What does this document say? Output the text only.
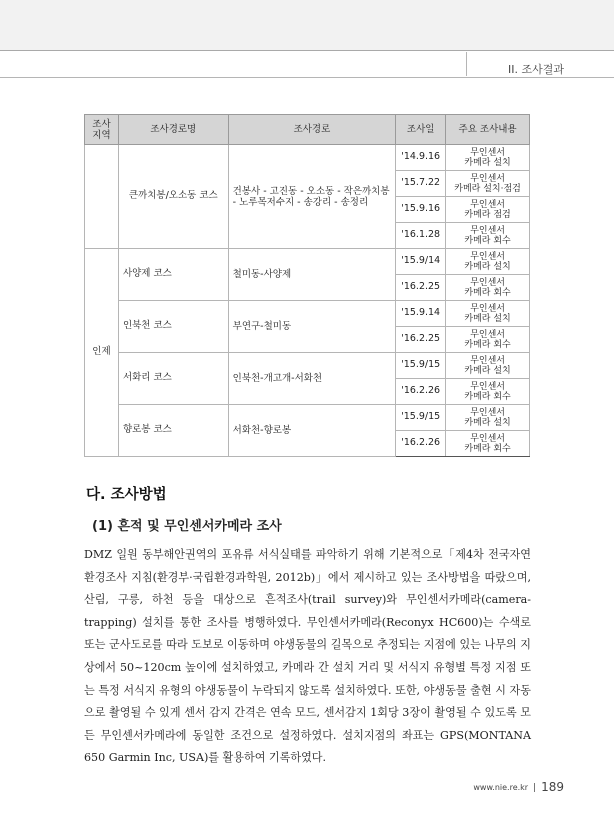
II. 조사결과
조사
지역	조사경로명	조사경로	조사일	주요 조사내용
	큰까치봉/오소동 코스	건봉사 - 고진동 - 오소동 - 작은까치봉 - 노루목저수지 - 송강리 - 송정리	'14.9.16	무인센서
카메라 설치
			'15.7.22	무인센서
카메라 설치·점검
			'15.9.16	무인센서
카메라 점검
			'16.1.28	무인센서
카메라 회수
인제	사양제 코스	철미동-사양제	'15.9/14	무인센서
카메라 설치
			'16.2.25	무인센서
카메라 회수
	인북천 코스	부연구-철미동	'15.9.14	무인센서
카메라 설치
			'16.2.25	무인센서
카메라 회수
	서화리 코스	인북천-개고개-서화천	'15.9/15	무인센서
카메라 설치
			'16.2.26	무인센서
카메라 회수
	향로봉 코스	서화천-향로봉	'15.9/15	무인센서
카메라 설치
			'16.2.26	무인센서
카메라 회수
다. 조사방법
(1) 흔적 및 무인센서카메라 조사

DMZ 일원 동부해안권역의 포유류 서식실태를 파악하기 위해 기본적으로「제4차 전국자연환경조사 지침(환경부·국립환경과학원, 2012b)」에서 제시하고 있는 조사방법을 따랐으며, 산림, 구릉, 하천 등을 대상으로 흔적조사(trail survey)와 무인센서카메라(camera-trapping) 설치를 통한 조사를 병행하였다. 무인센서카메라(Reconyx HC600)는 수색로 또는 군사도로를 따라 도보로 이동하며 야생동물의 길목으로 추정되는 지점에 있는 나무의 지상에서 50~120cm 높이에 설치하였고, 카메라 간 설치 거리 및 서식지 유형별 특정 지점 또는 특정 서식지 유형의 야생동물이 누락되지 않도록 설치하였다. 또한, 야생동물 출현 시 자동으로 촬영될 수 있게 센서 감지 간격은 연속 모드, 센서감지 1회당 3장이 촬영될 수 있도록 모든 무인센서카메라에 동일한 조건으로 설정하였다. 설치지점의 좌표는 GPS(MONTANA 650 Garmin Inc, USA)를 활용하여 기록하였다.

www.nie.re.kr 189
